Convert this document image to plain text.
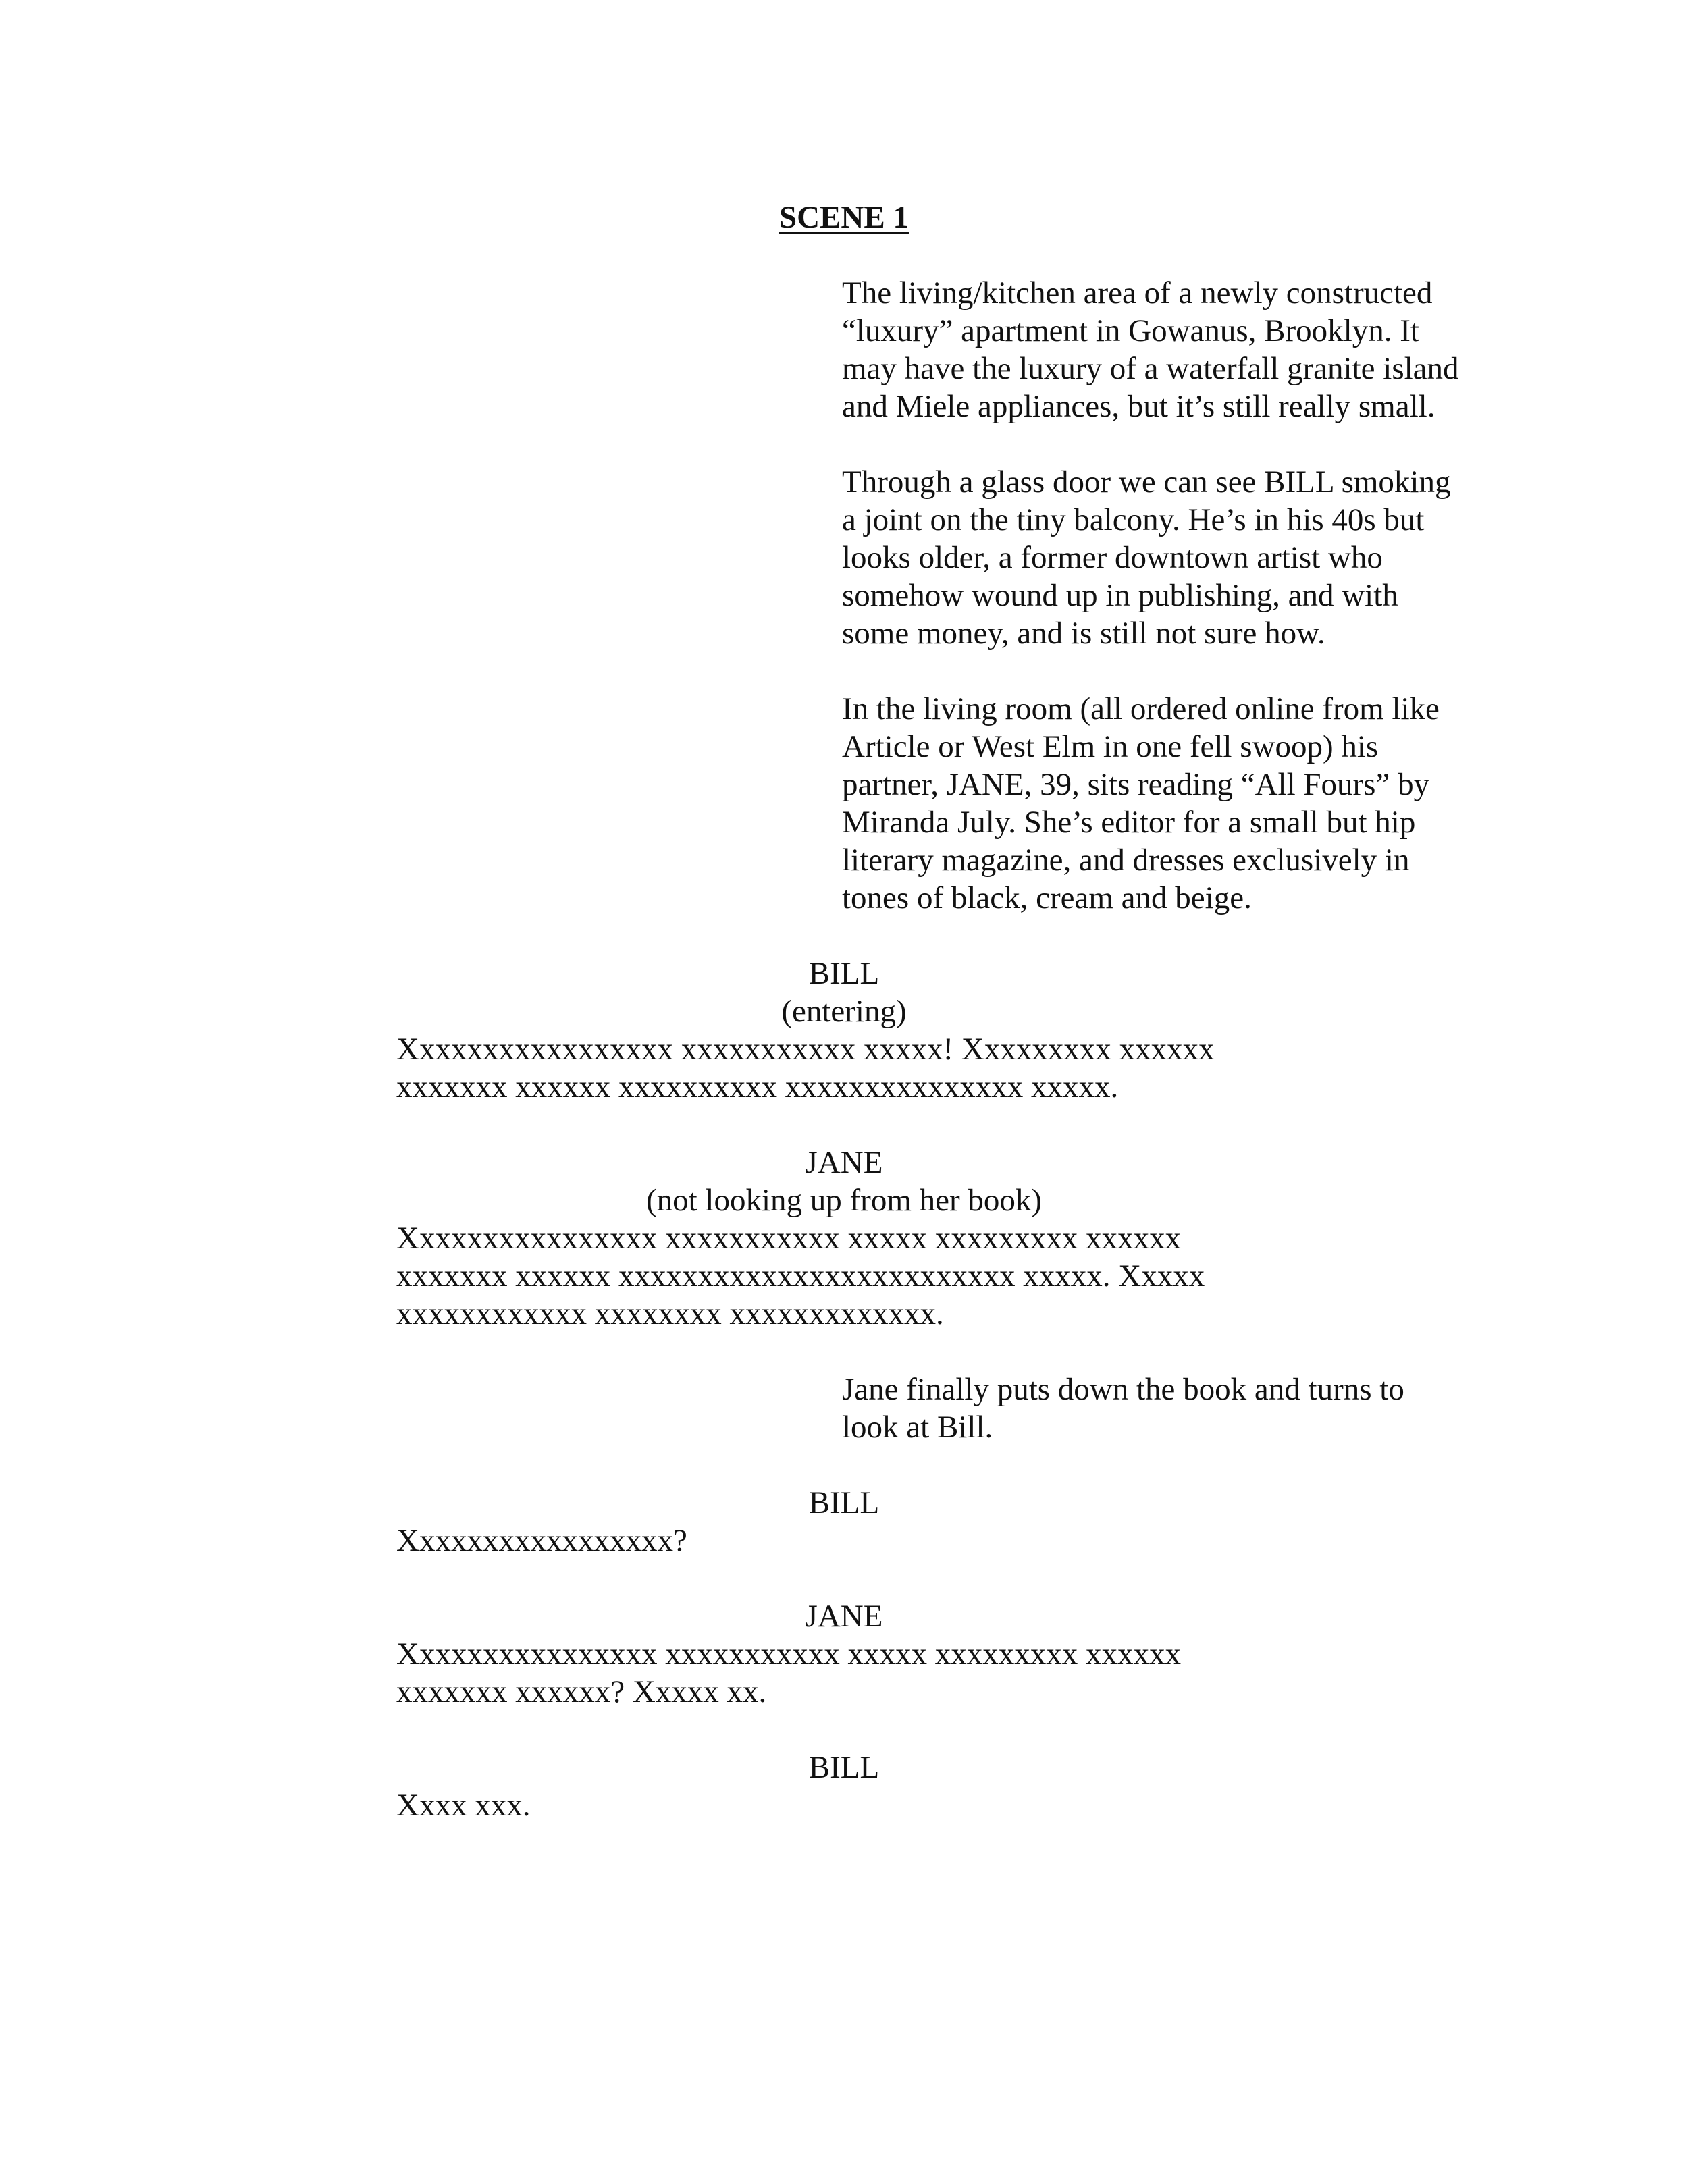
SCENE 1
The living/kitchen area of a newly constructed
“luxury” apartment in Gowanus, Brooklyn. It
may have the luxury of a waterfall granite island
and Miele appliances, but it’s still really small.
Through a glass door we can see BILL smoking
a joint on the tiny balcony. He’s in his 40s but
looks older, a former downtown artist who
somehow wound up in publishing, and with
some money, and is still not sure how.
In the living room (all ordered online from like
Article or West Elm in one fell swoop) his
partner, JANE, 39, sits reading “All Fours” by
Miranda July. She’s editor for a small but hip
literary magazine, and dresses exclusively in
tones of black, cream and beige.
BILL
(entering)
Xxxxxxxxxxxxxxxxx xxxxxxxxxxx xxxxx! Xxxxxxxxx xxxxxx
xxxxxxx xxxxxx xxxxxxxxxx xxxxxxxxxxxxxxx xxxxx.
JANE
(not looking up from her book)
Xxxxxxxxxxxxxxxx xxxxxxxxxxx xxxxx xxxxxxxxx xxxxxx
xxxxxxx xxxxxx xxxxxxxxxxxxxxxxxxxxxxxxx xxxxx. Xxxxx
xxxxxxxxxxxx xxxxxxxx xxxxxxxxxxxxx.
Jane finally puts down the book and turns to
look at Bill.
BILL
Xxxxxxxxxxxxxxxxx?
JANE
Xxxxxxxxxxxxxxxx xxxxxxxxxxx xxxxx xxxxxxxxx xxxxxx
xxxxxxx xxxxxx? Xxxxx xx.
BILL
Xxxx xxx.
